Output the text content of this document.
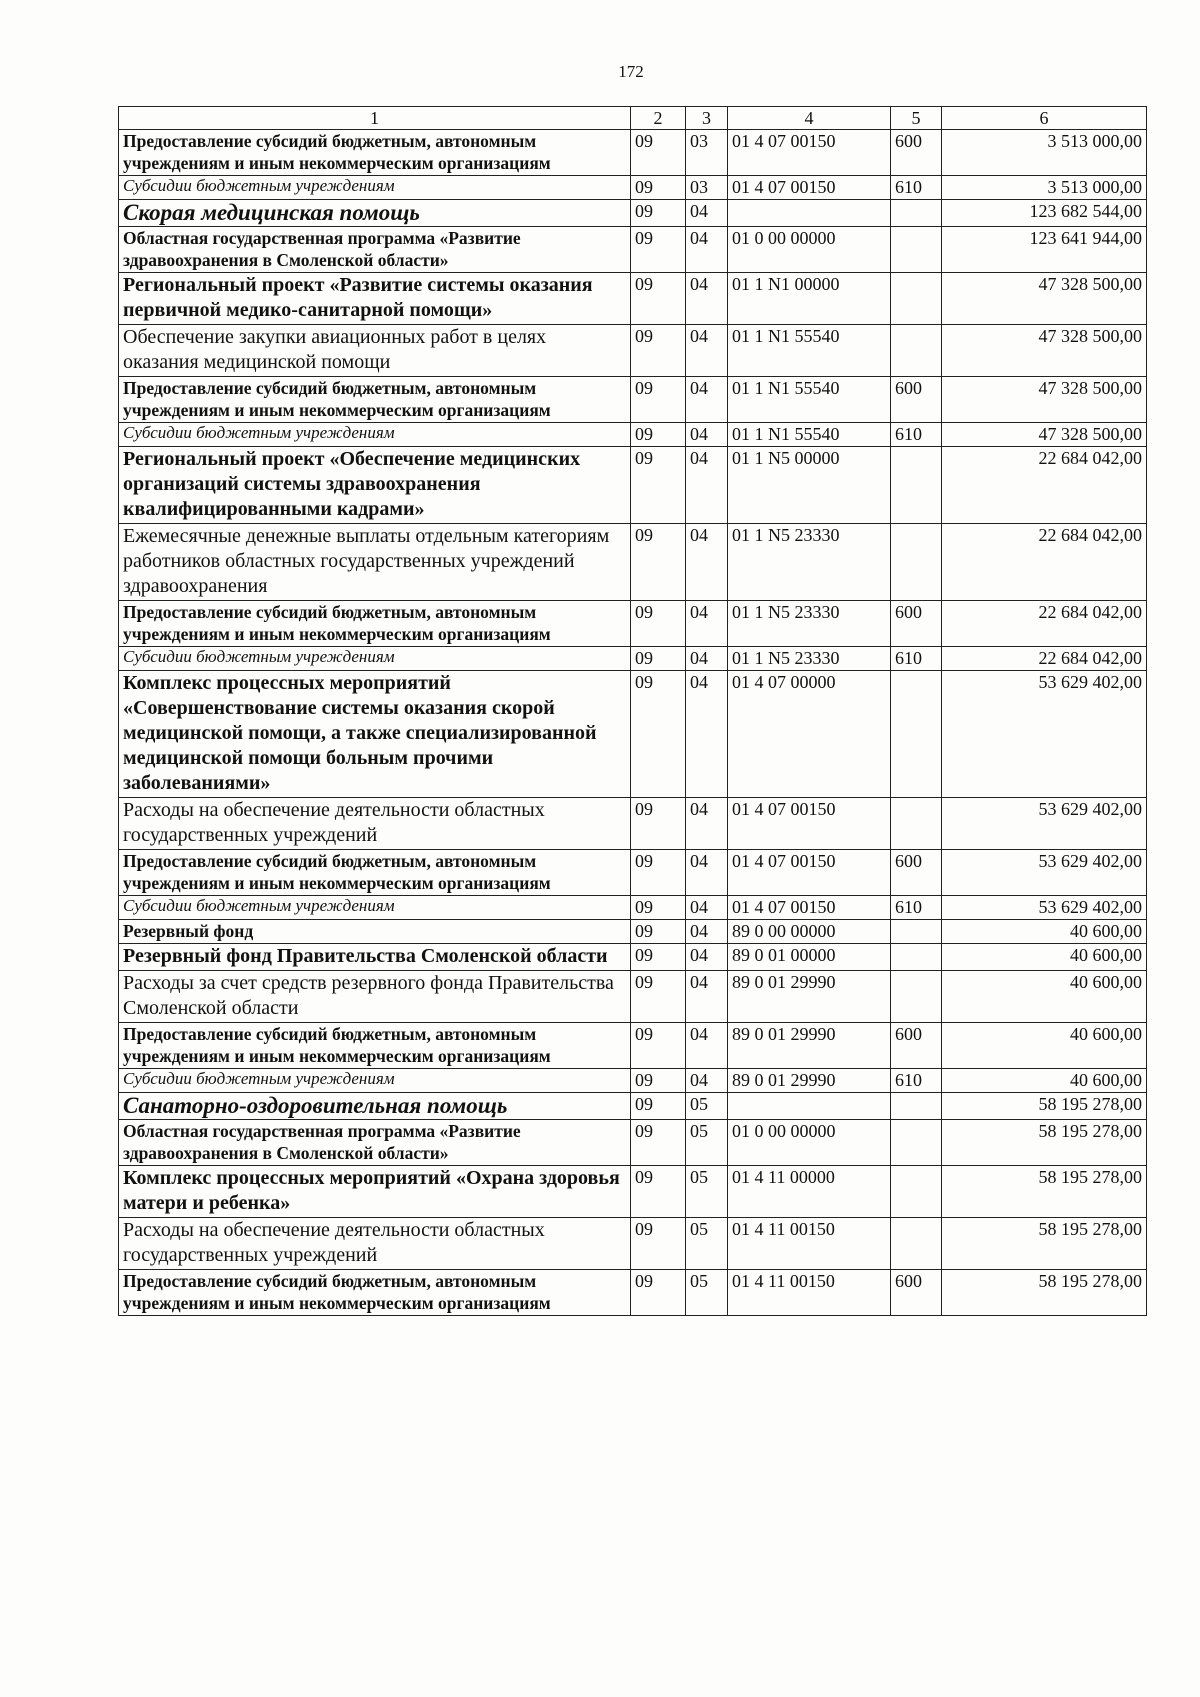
172
1	2	3	4	5	6
Предоставление субсидий бюджетным, автономным учреждениям и иным некоммерческим организациям	09	03	01 4 07 00150	600	3 513 000,00
Субсидии бюджетным учреждениям	09	03	01 4 07 00150	610	3 513 000,00
Скорая медицинская помощь	09	04			123 682 544,00
Областная государственная программа «Развитие здравоохранения в Смоленской области»	09	04	01 0 00 00000		123 641 944,00
Региональный проект «Развитие системы оказания первичной медико-санитарной помощи»	09	04	01 1 N1 00000		47 328 500,00
Обеспечение закупки авиационных работ в целях оказания медицинской помощи	09	04	01 1 N1 55540		47 328 500,00
Предоставление субсидий бюджетным, автономным учреждениям и иным некоммерческим организациям	09	04	01 1 N1 55540	600	47 328 500,00
Субсидии бюджетным учреждениям	09	04	01 1 N1 55540	610	47 328 500,00
Региональный проект «Обеспечение медицинских организаций системы здравоохранения квалифицированными кадрами»	09	04	01 1 N5 00000		22 684 042,00
Ежемесячные денежные выплаты отдельным категориям работников областных государственных учреждений здравоохранения	09	04	01 1 N5 23330		22 684 042,00
Предоставление субсидий бюджетным, автономным учреждениям и иным некоммерческим организациям	09	04	01 1 N5 23330	600	22 684 042,00
Субсидии бюджетным учреждениям	09	04	01 1 N5 23330	610	22 684 042,00
Комплекс процессных мероприятий «Совершенствование системы оказания скорой медицинской помощи, а также специализированной медицинской помощи больным прочими заболеваниями»	09	04	01 4 07 00000		53 629 402,00
Расходы на обеспечение деятельности областных государственных учреждений	09	04	01 4 07 00150		53 629 402,00
Предоставление субсидий бюджетным, автономным учреждениям и иным некоммерческим организациям	09	04	01 4 07 00150	600	53 629 402,00
Субсидии бюджетным учреждениям	09	04	01 4 07 00150	610	53 629 402,00
Резервный фонд	09	04	89 0 00 00000		40 600,00
Резервный фонд Правительства Смоленской области	09	04	89 0 01 00000		40 600,00
Расходы за счет средств резервного фонда Правительства Смоленской области	09	04	89 0 01 29990		40 600,00
Предоставление субсидий бюджетным, автономным учреждениям и иным некоммерческим организациям	09	04	89 0 01 29990	600	40 600,00
Субсидии бюджетным учреждениям	09	04	89 0 01 29990	610	40 600,00
Санаторно-оздоровительная помощь	09	05			58 195 278,00
Областная государственная программа «Развитие здравоохранения в Смоленской области»	09	05	01 0 00 00000		58 195 278,00
Комплекс процессных мероприятий «Охрана здоровья матери и ребенка»	09	05	01 4 11 00000		58 195 278,00
Расходы на обеспечение деятельности областных государственных учреждений	09	05	01 4 11 00150		58 195 278,00
Предоставление субсидий бюджетным, автономным учреждениям и иным некоммерческим организациям	09	05	01 4 11 00150	600	58 195 278,00
